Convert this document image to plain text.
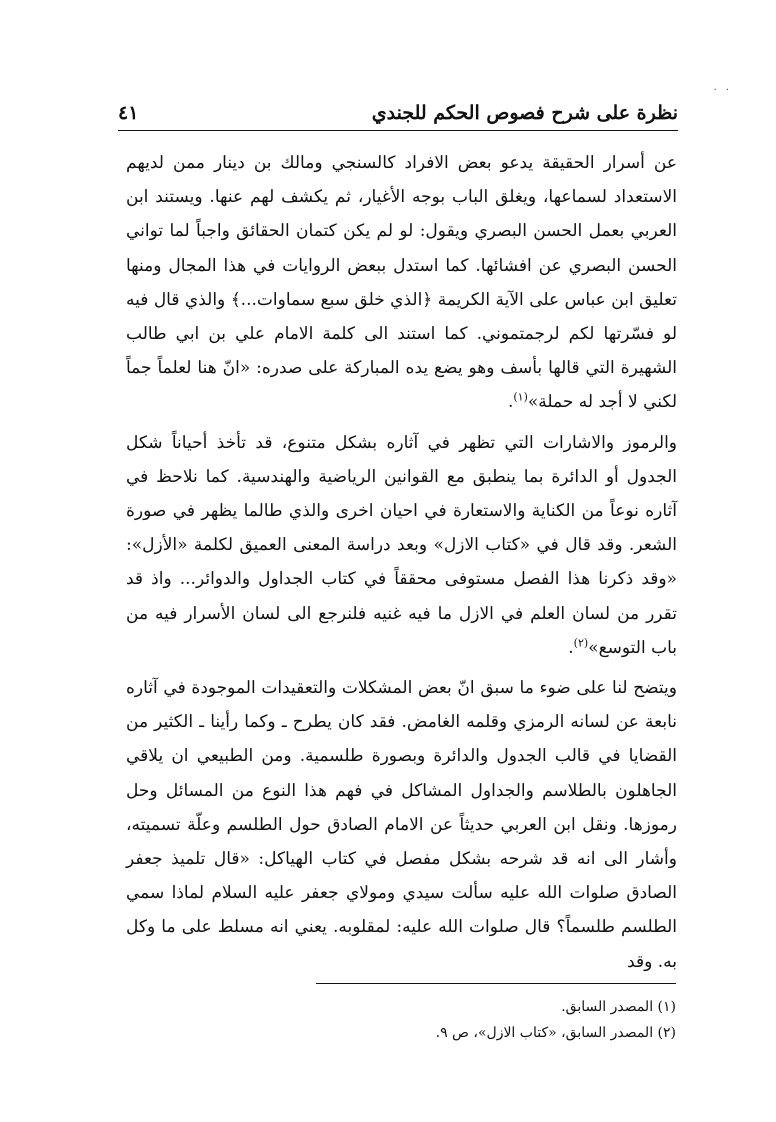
. .
نظرة على شرح فصوص الحكم للجندي
٤١

عن أسرار الحقيقة يدعو بعض الافراد كالسنجي ومالك بن دينار ممن لديهم الاستعداد لسماعها، ويغلق الباب بوجه الأغيار، ثم يكشف لهم عنها. ويستند ابن العربي بعمل الحسن البصري ويقول: لو لم يكن كتمان الحقائق واجباً لما تواني الحسن البصري عن افشائها. كما استدل ببعض الروايات في هذا المجال ومنها تعليق ابن عباس على الآية الكريمة ﴿الذي خلق سبع سماوات...﴾ والذي قال فيه لو فسّرتها لكم لرجمتموني. كما استند الى كلمة الامام علي بن ابي طالب الشهيرة التي قالها بأسف وهو يضع يده المباركة على صدره: «انّ هنا لعلماً جماً لكني لا أجد له حملة»$^{(١)}$.

والرموز والاشارات التي تظهر في آثاره بشكل متنوع، قد تأخذ أحياناً شكل الجدول أو الدائرة بما ينطبق مع القوانين الرياضية والهندسية. كما نلاحظ في آثاره نوعاً من الكناية والاستعارة في احيان اخرى والذي طالما يظهر في صورة الشعر. وقد قال في «كتاب الازل» وبعد دراسة المعنى العميق لكلمة «الأزل»: «وقد ذكرنا هذا الفصل مستوفى محققاً في كتاب الجداول والدوائر... واذ قد تقرر من لسان العلم في الازل ما فيه غنيه فلنرجع الى لسان الأسرار فيه من باب التوسع»$^{(٢)}$.

ويتضح لنا على ضوء ما سبق انّ بعض المشكلات والتعقيدات الموجودة في آثاره نابعة عن لسانه الرمزي وقلمه الغامض. فقد كان يطرح ـ وكما رأينا ـ الكثير من القضايا في قالب الجدول والدائرة وبصورة طلسمية. ومن الطبيعي ان يلاقي الجاهلون بالطلاسم والجداول المشاكل في فهم هذا النوع من المسائل وحل رموزها. ونقل ابن العربي حديثاً عن الامام الصادق حول الطلسم وعلّة تسميته، وأشار الى انه قد شرحه بشكل مفصل في كتاب الهياكل: «قال تلميذ جعفر الصادق صلوات الله عليه سألت سيدي ومولاي جعفر عليه السلام لماذا سمي الطلسم طلسماً؟ قال صلوات الله عليه: لمقلوبه. يعني انه مسلط على ما وكل به. وقد

(١) المصدر السابق.
(٢) المصدر السابق، «كتاب الازل»، ص ٩.
